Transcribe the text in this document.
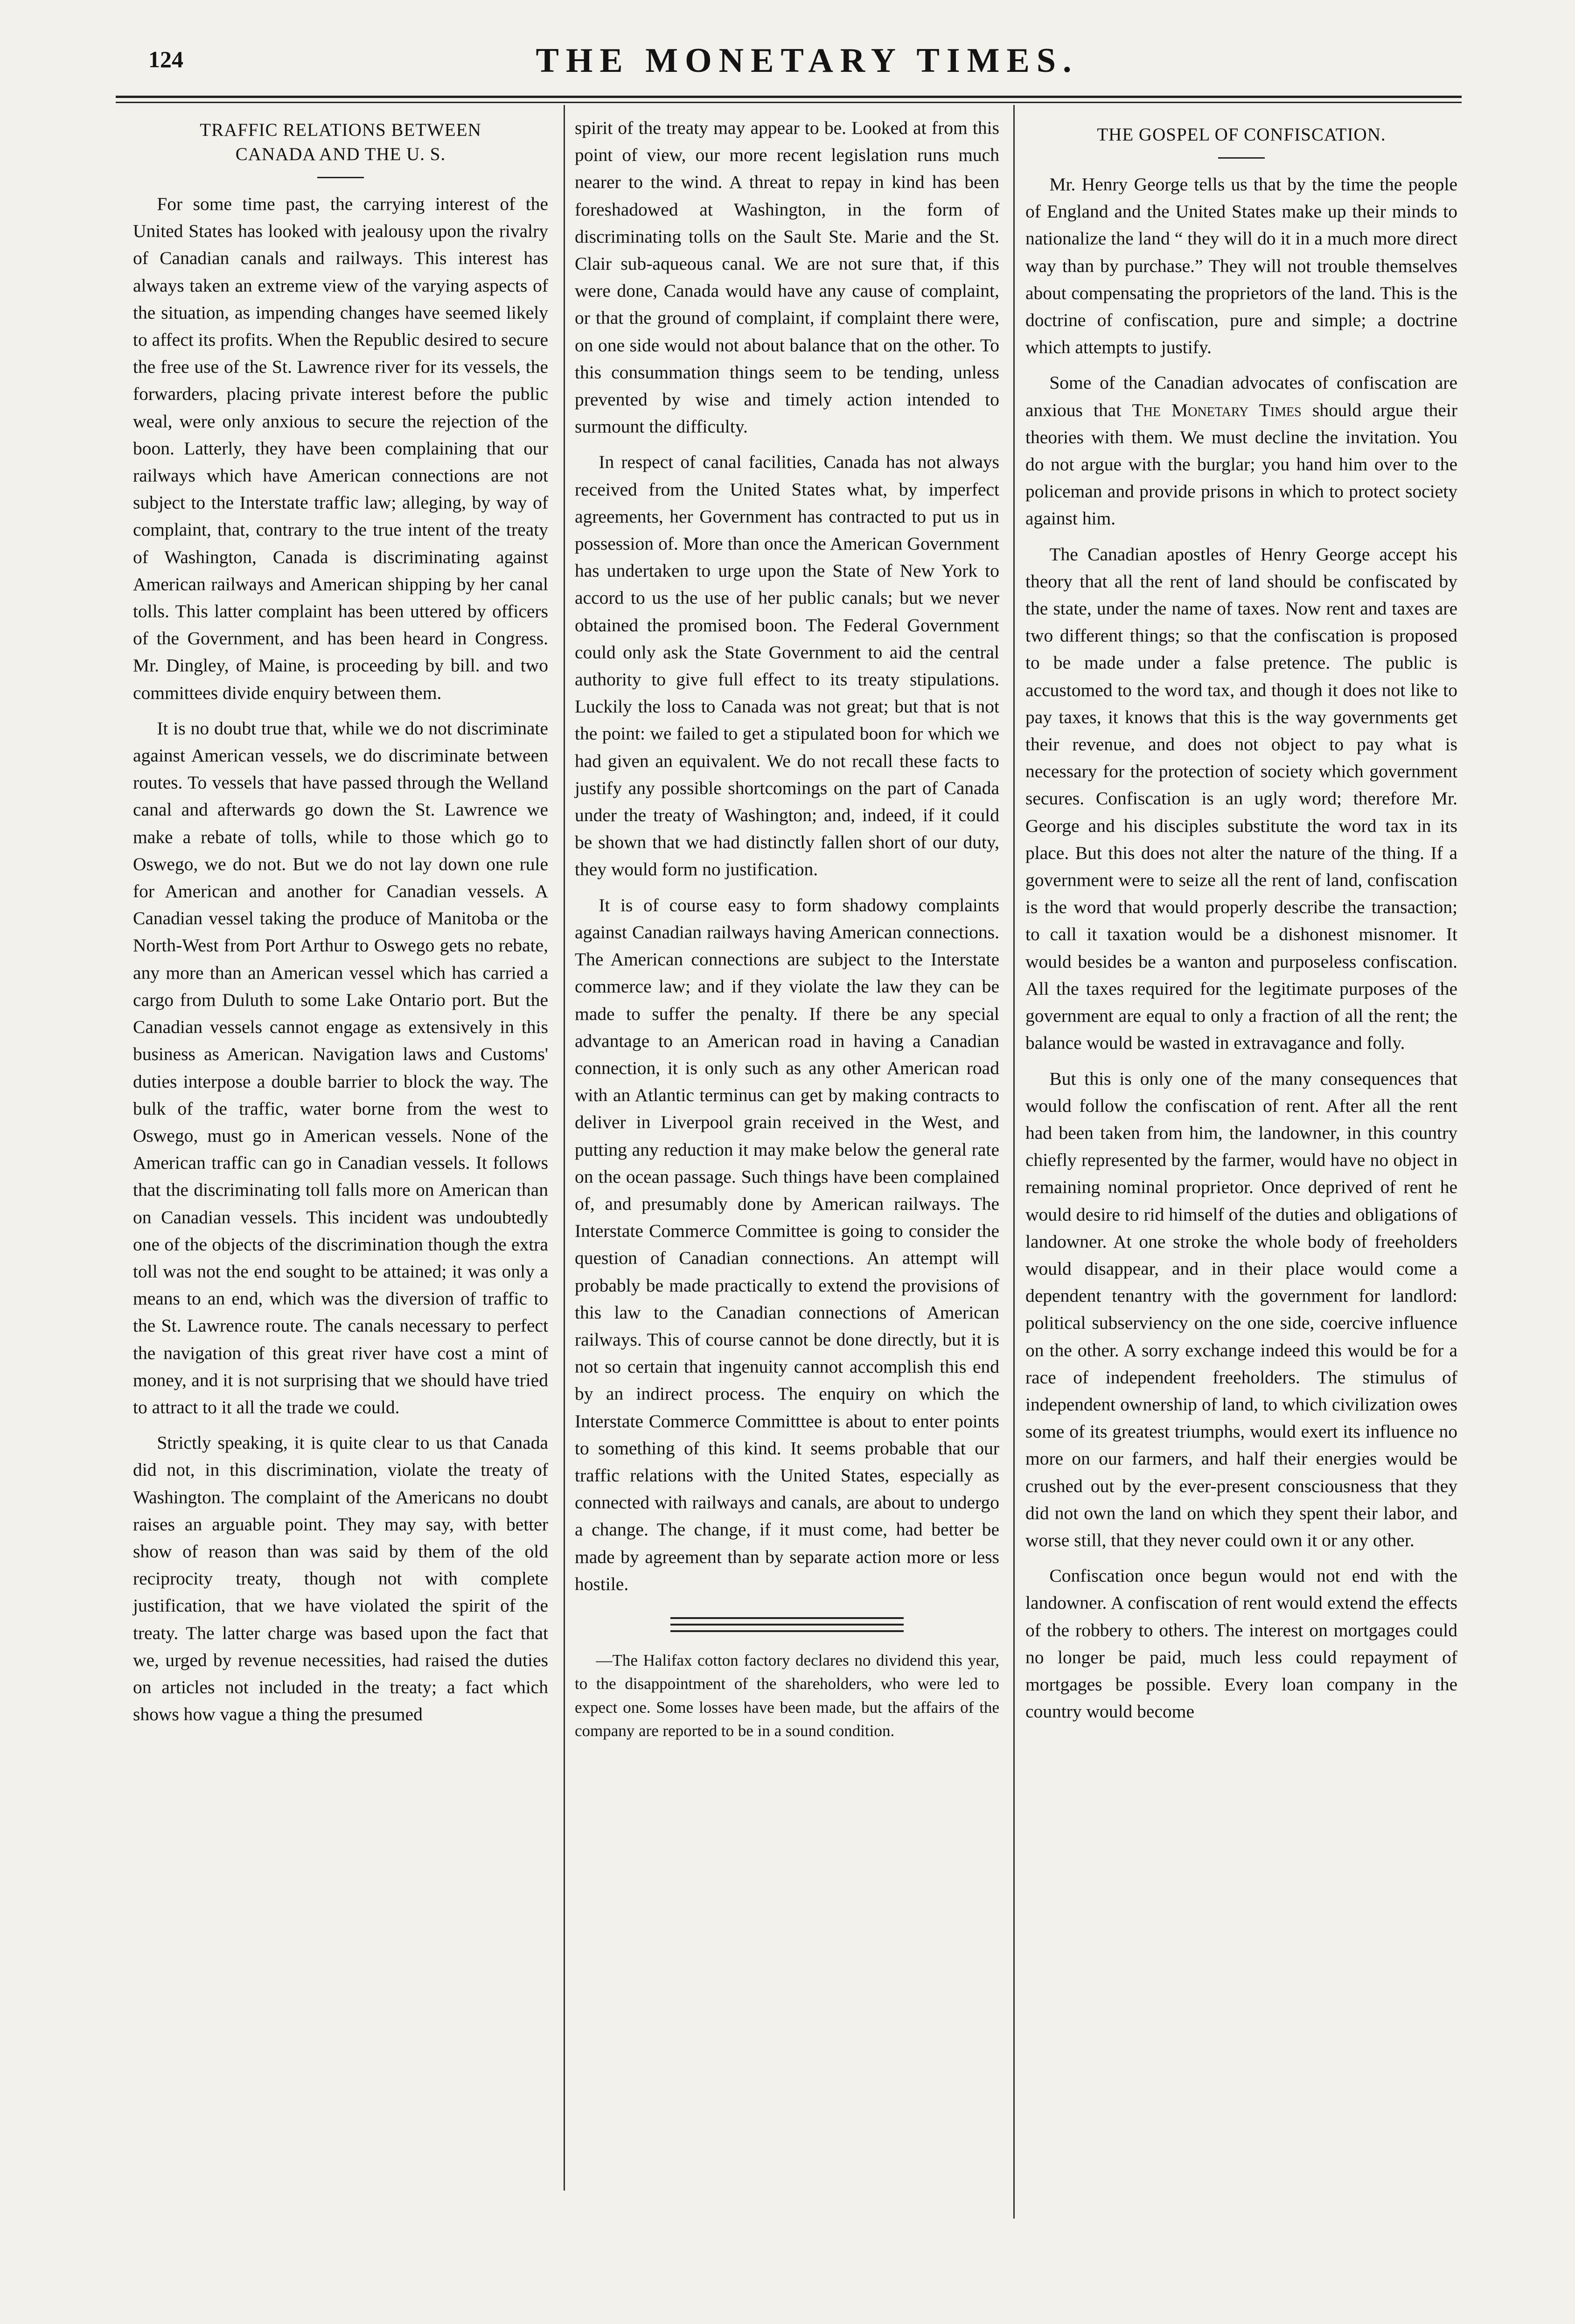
124	THE MONETARY TIMES.
TRAFFIC RELATIONS BETWEEN
CANADA AND THE U. S.

For some time past, the carrying interest of the United States has looked with jealousy upon the rivalry of Canadian canals and railways. This interest has always taken an extreme view of the varying aspects of the situation, as impending changes have seemed likely to affect its profits. When the Republic desired to secure the free use of the St. Lawrence river for its vessels, the forwarders, placing private interest before the public weal, were only anxious to secure the rejection of the boon. Latterly, they have been complaining that our railways which have American connections are not subject to the Interstate traffic law; alleging, by way of complaint, that, contrary to the true intent of the treaty of Washington, Canada is discriminating against American railways and American shipping by her canal tolls. This latter complaint has been uttered by officers of the Government, and has been heard in Congress. Mr. Dingley, of Maine, is proceeding by bill. and two committees divide enquiry between them.

It is no doubt true that, while we do not discriminate against American vessels, we do discriminate between routes. To vessels that have passed through the Welland canal and afterwards go down the St. Lawrence we make a rebate of tolls, while to those which go to Oswego, we do not. But we do not lay down one rule for American and another for Canadian vessels. A Canadian vessel taking the produce of Manitoba or the North-West from Port Arthur to Oswego gets no rebate, any more than an American vessel which has carried a cargo from Duluth to some Lake Ontario port. But the Canadian vessels cannot engage as extensively in this business as American. Navigation laws and Customs' duties interpose a double barrier to block the way. The bulk of the traffic, water borne from the west to Oswego, must go in American vessels. None of the American traffic can go in Canadian vessels. It follows that the discriminating toll falls more on American than on Canadian vessels. This incident was undoubtedly one of the objects of the discrimination though the extra toll was not the end sought to be attained; it was only a means to an end, which was the diversion of traffic to the St. Lawrence route. The canals necessary to perfect the navigation of this great river have cost a mint of money, and it is not surprising that we should have tried to attract to it all the trade we could.

Strictly speaking, it is quite clear to us that Canada did not, in this discrimination, violate the treaty of Washington. The complaint of the Americans no doubt raises an arguable point. They may say, with better show of reason than was said by them of the old reciprocity treaty, though not with complete justification, that we have violated the spirit of the treaty. The latter charge was based upon the fact that we, urged by revenue necessities, had raised the duties on articles not included in the treaty; a fact which shows how vague a thing the presumed

spirit of the treaty may appear to be. Looked at from this point of view, our more recent legislation runs much nearer to the wind. A threat to repay in kind has been foreshadowed at Washington, in the form of discriminating tolls on the Sault Ste. Marie and the St. Clair sub-aqueous canal. We are not sure that, if this were done, Canada would have any cause of complaint, or that the ground of complaint, if complaint there were, on one side would not about balance that on the other. To this consummation things seem to be tending, unless prevented by wise and timely action intended to surmount the difficulty.

In respect of canal facilities, Canada has not always received from the United States what, by imperfect agreements, her Government has contracted to put us in possession of. More than once the American Government has undertaken to urge upon the State of New York to accord to us the use of her public canals; but we never obtained the promised boon. The Federal Government could only ask the State Government to aid the central authority to give full effect to its treaty stipulations. Luckily the loss to Canada was not great; but that is not the point: we failed to get a stipulated boon for which we had given an equivalent. We do not recall these facts to justify any possible shortcomings on the part of Canada under the treaty of Washington; and, indeed, if it could be shown that we had distinctly fallen short of our duty, they would form no justification.

It is of course easy to form shadowy complaints against Canadian railways having American connections. The American connections are subject to the Interstate commerce law; and if they violate the law they can be made to suffer the penalty. If there be any special advantage to an American road in having a Canadian connection, it is only such as any other American road with an Atlantic terminus can get by making contracts to deliver in Liverpool grain received in the West, and putting any reduction it may make below the general rate on the ocean passage. Such things have been complained of, and presumably done by American railways. The Interstate Commerce Committee is going to consider the question of Canadian connections. An attempt will probably be made practically to extend the provisions of this law to the Canadian connections of American railways. This of course cannot be done directly, but it is not so certain that ingenuity cannot accomplish this end by an indirect process. The enquiry on which the Interstate Commerce Committtee is about to enter points to something of this kind. It seems probable that our traffic relations with the United States, especially as connected with railways and canals, are about to undergo a change. The change, if it must come, had better be made by agreement than by separate action more or less hostile.

—The Halifax cotton factory declares no dividend this year, to the disappointment of the shareholders, who were led to expect one. Some losses have been made, but the affairs of the company are reported to be in a sound condition.

THE GOSPEL OF CONFISCATION.

Mr. Henry George tells us that by the time the people of England and the United States make up their minds to nationalize the land “ they will do it in a much more direct way than by purchase.” They will not trouble themselves about compensating the proprietors of the land. This is the doctrine of confiscation, pure and simple; a doctrine which attempts to justify.

Some of the Canadian advocates of confiscation are anxious that The Monetary Times should argue their theories with them. We must decline the invitation. You do not argue with the burglar; you hand him over to the policeman and provide prisons in which to protect society against him.

The Canadian apostles of Henry George accept his theory that all the rent of land should be confiscated by the state, under the name of taxes. Now rent and taxes are two different things; so that the confiscation is proposed to be made under a false pretence. The public is accustomed to the word tax, and though it does not like to pay taxes, it knows that this is the way governments get their revenue, and does not object to pay what is necessary for the protection of society which government secures. Confiscation is an ugly word; therefore Mr. George and his disciples substitute the word tax in its place. But this does not alter the nature of the thing. If a government were to seize all the rent of land, confiscation is the word that would properly describe the transaction; to call it taxation would be a dishonest misnomer. It would besides be a wanton and purposeless confiscation. All the taxes required for the legitimate purposes of the government are equal to only a fraction of all the rent; the balance would be wasted in extravagance and folly.

But this is only one of the many consequences that would follow the confiscation of rent. After all the rent had been taken from him, the landowner, in this country chiefly represented by the farmer, would have no object in remaining nominal proprietor. Once deprived of rent he would desire to rid himself of the duties and obligations of landowner. At one stroke the whole body of freeholders would disappear, and in their place would come a dependent tenantry with the government for landlord: political subserviency on the one side, coercive influence on the other. A sorry exchange indeed this would be for a race of independent freeholders. The stimulus of independent ownership of land, to which civilization owes some of its greatest triumphs, would exert its influence no more on our farmers, and half their energies would be crushed out by the ever-present consciousness that they did not own the land on which they spent their labor, and worse still, that they never could own it or any other.

Confiscation once begun would not end with the landowner. A confiscation of rent would extend the effects of the robbery to others. The interest on mortgages could no longer be paid, much less could repayment of mortgages be possible. Every loan company in the country would become
